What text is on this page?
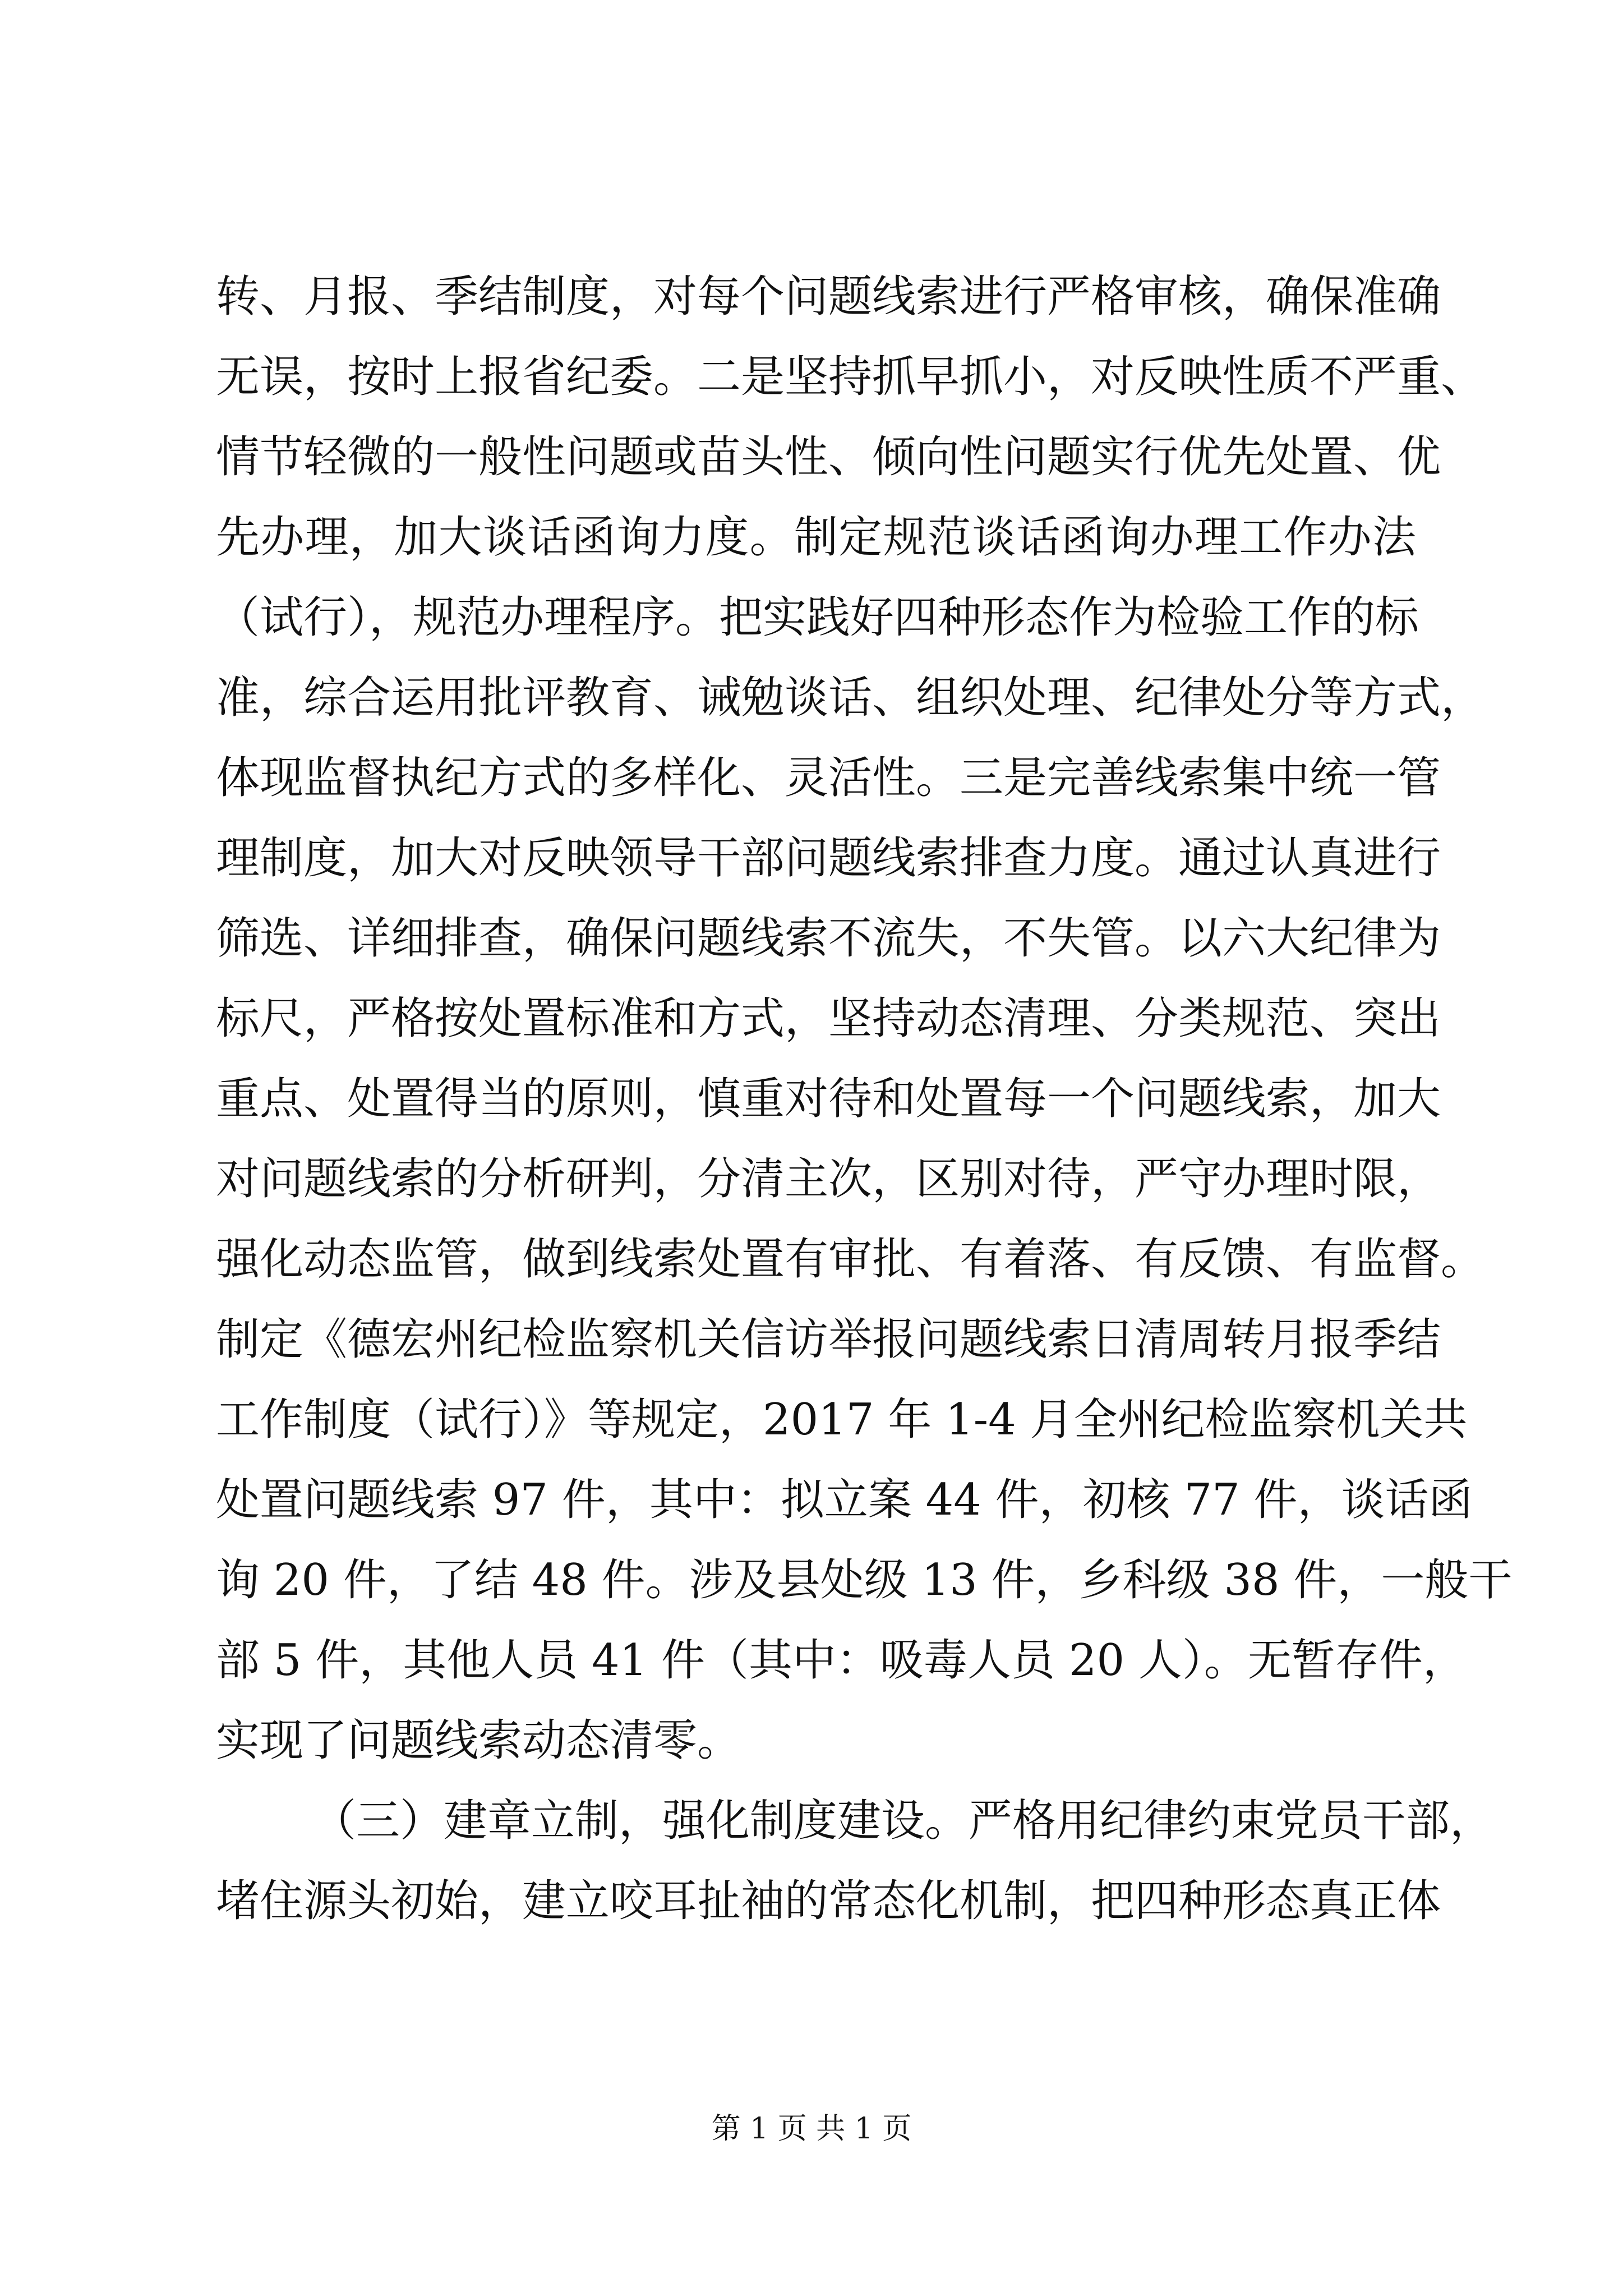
转、月报、季结制度，对每个问题线索进行严格审核，确保准确
无误，按时上报省纪委。二是坚持抓早抓小，对反映性质不严重、
情节轻微的一般性问题或苗头性、倾向性问题实行优先处置、优
先办理，加大谈话函询力度。制定规范谈话函询办理工作办法
（试行），规范办理程序。把实践好四种形态作为检验工作的标
准，综合运用批评教育、诫勉谈话、组织处理、纪律处分等方式，
体现监督执纪方式的多样化、灵活性。三是完善线索集中统一管
理制度，加大对反映领导干部问题线索排查力度。通过认真进行
筛选、详细排查，确保问题线索不流失，不失管。以六大纪律为
标尺，严格按处置标准和方式，坚持动态清理、分类规范、突出
重点、处置得当的原则，慎重对待和处置每一个问题线索，加大
对问题线索的分析研判，分清主次，区别对待，严守办理时限，
强化动态监管，做到线索处置有审批、有着落、有反馈、有监督。
制定《德宏州纪检监察机关信访举报问题线索日清周转月报季结
工作制度（试行）》等规定，2017 年 1-4 月全州纪检监察机关共
处置问题线索 97 件，其中：拟立案 44 件，初核 77 件，谈话函
询 20 件，了结 48 件。涉及县处级 13 件，乡科级 38 件，一般干
部 5 件，其他人员 41 件（其中：吸毒人员 20 人）。无暂存件，
实现了问题线索动态清零。
（三）建章立制，强化制度建设。严格用纪律约束党员干部，
堵住源头初始，建立咬耳扯袖的常态化机制，把四种形态真正体
第 1 页 共 1 页
